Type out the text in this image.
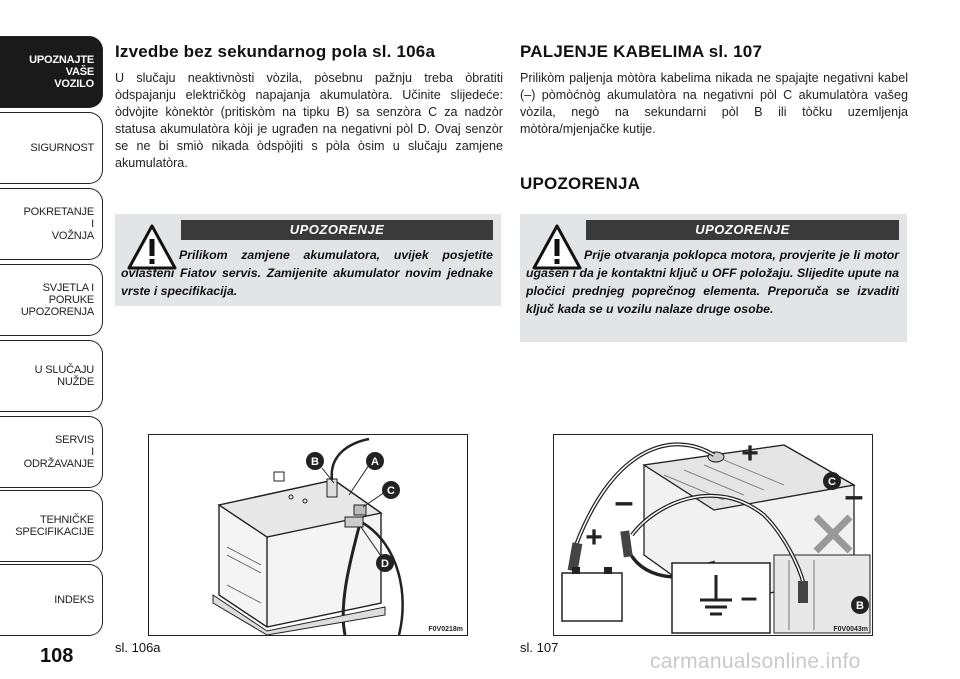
UPOZNAJTE
VAŠE
VOZILO
SIGURNOST
POKRETANJE
I
VOŽNJA
SVJETLA I
PORUKE
UPOZORENJA
U SLUČAJU
NUŽDE
SERVIS
I
ODRŽAVANJE
TEHNIČKE
SPECIFIKACIJE
INDEKS
108
Izvedbe bez sekundarnog pola sl. 106a

U slučaju neaktivnòsti vòzila, pòsebnu pažnju treba òbratiti òdspajanju električkòg napajanja akumulatòra. Učinite slijedeće: òdvòjite kònektòr (pritiskòm na tipku B) sa senzòra C za nadzòr statusa akumulatòra kòji je ugrađen na negativni pòl D. Ovaj senzòr se ne bi smiò nikada òdspòjiti s pòla òsim u slučaju zamjene akumulatòra.

UPOZORENJE
Prilikom zamjene akumulatora, uvijek posjetite ovlašteni Fiatov servis. Zamijenite akumulator novim jednake vrste i specifikacija.
PALJENJE KABELIMA sl. 107

Prilikòm paljenja mòtòra kabelima nikada ne spajajte negativni kabel (–) pòmòćnòg akumulatòra na negativni pòl C akumulatòra vašeg vòzila, negò na sekundarni pòl B ili tòčku uzemljenja mòtòra/mjenjačke kutije.

UPOZORENJA
UPOZORENJE
Prije otvaranja poklopca motora, provjerite je li motor ugašen i da je kontaktni ključ u OFF položaju. Slijedite upute na pločici prednjeg poprečnog elementa. Preporuča se izvaditi ključ kada se u vozilu nalaze druge osobe.
B	A
C
D
F0V0218m
sl. 106a
+
–
+
–
–
C
B
F0V0043m
sl. 107
carmanualsonline.info
